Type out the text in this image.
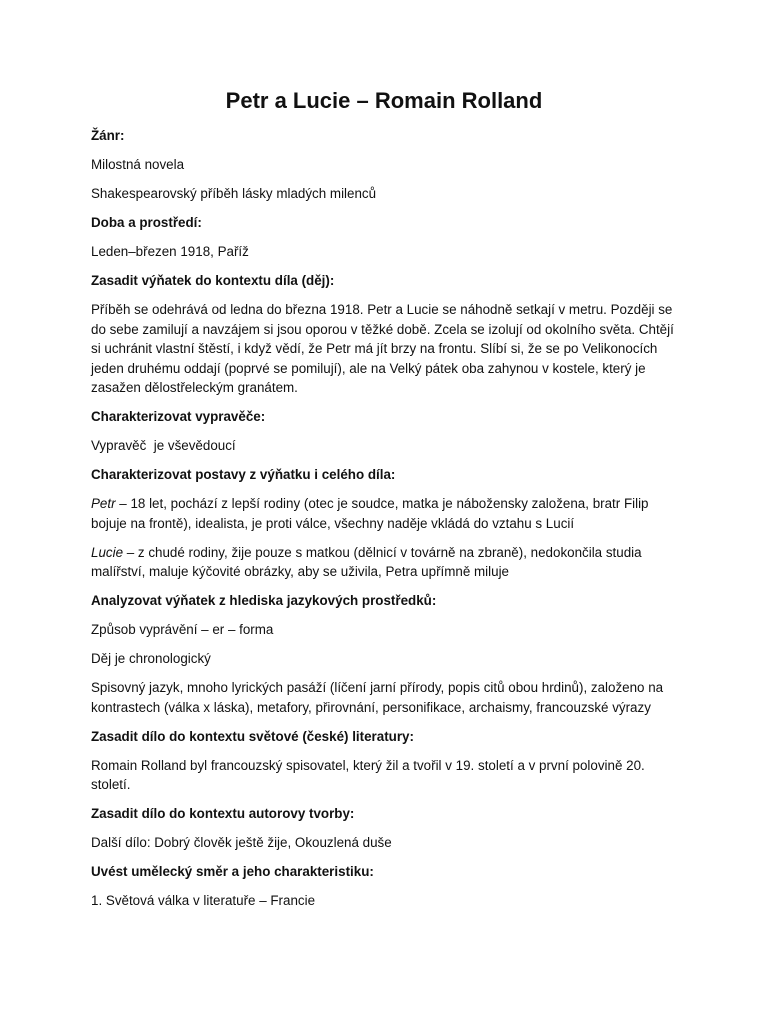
Petr a Lucie – Romain Rolland

Žánr:

Milostná novela

Shakespearovský příběh lásky mladých milenců

Doba a prostředí:

Leden–březen 1918, Paříž

Zasadit výňatek do kontextu díla (děj):

Příběh se odehrává od ledna do března 1918. Petr a Lucie se náhodně setkají v metru. Později se do sebe zamilují a navzájem si jsou oporou v těžké době. Zcela se izolují od okolního světa. Chtějí si uchránit vlastní štěstí, i když vědí, že Petr má jít brzy na frontu. Slíbí si, že se po Velikonocích jeden druhému oddají (poprvé se pomilují), ale na Velký pátek oba zahynou v kostele, který je zasažen dělostřeleckým granátem.

Charakterizovat vypravěče:

Vypravěč  je vševědoucí

Charakterizovat postavy z výňatku i celého díla:

Petr – 18 let, pochází z lepší rodiny (otec je soudce, matka je nábožensky založena, bratr Filip bojuje na frontě), idealista, je proti válce, všechny naděje vkládá do vztahu s Lucií

Lucie – z chudé rodiny, žije pouze s matkou (dělnicí v továrně na zbraně), nedokončila studia malířství, maluje kýčovité obrázky, aby se uživila, Petra upřímně miluje

Analyzovat výňatek z hlediska jazykových prostředků:

Způsob vyprávění – er – forma

Děj je chronologický

Spisovný jazyk, mnoho lyrických pasáží (líčení jarní přírody, popis citů obou hrdinů), založeno na kontrastech (válka x láska), metafory, přirovnání, personifikace, archaismy, francouzské výrazy

Zasadit dílo do kontextu světové (české) literatury:

Romain Rolland byl francouzský spisovatel, který žil a tvořil v 19. století a v první polovině 20. století.

Zasadit dílo do kontextu autorovy tvorby:

Další dílo: Dobrý člověk ještě žije, Okouzlená duše

Uvést umělecký směr a jeho charakteristiku:

1. Světová válka v literatuře – Francie
